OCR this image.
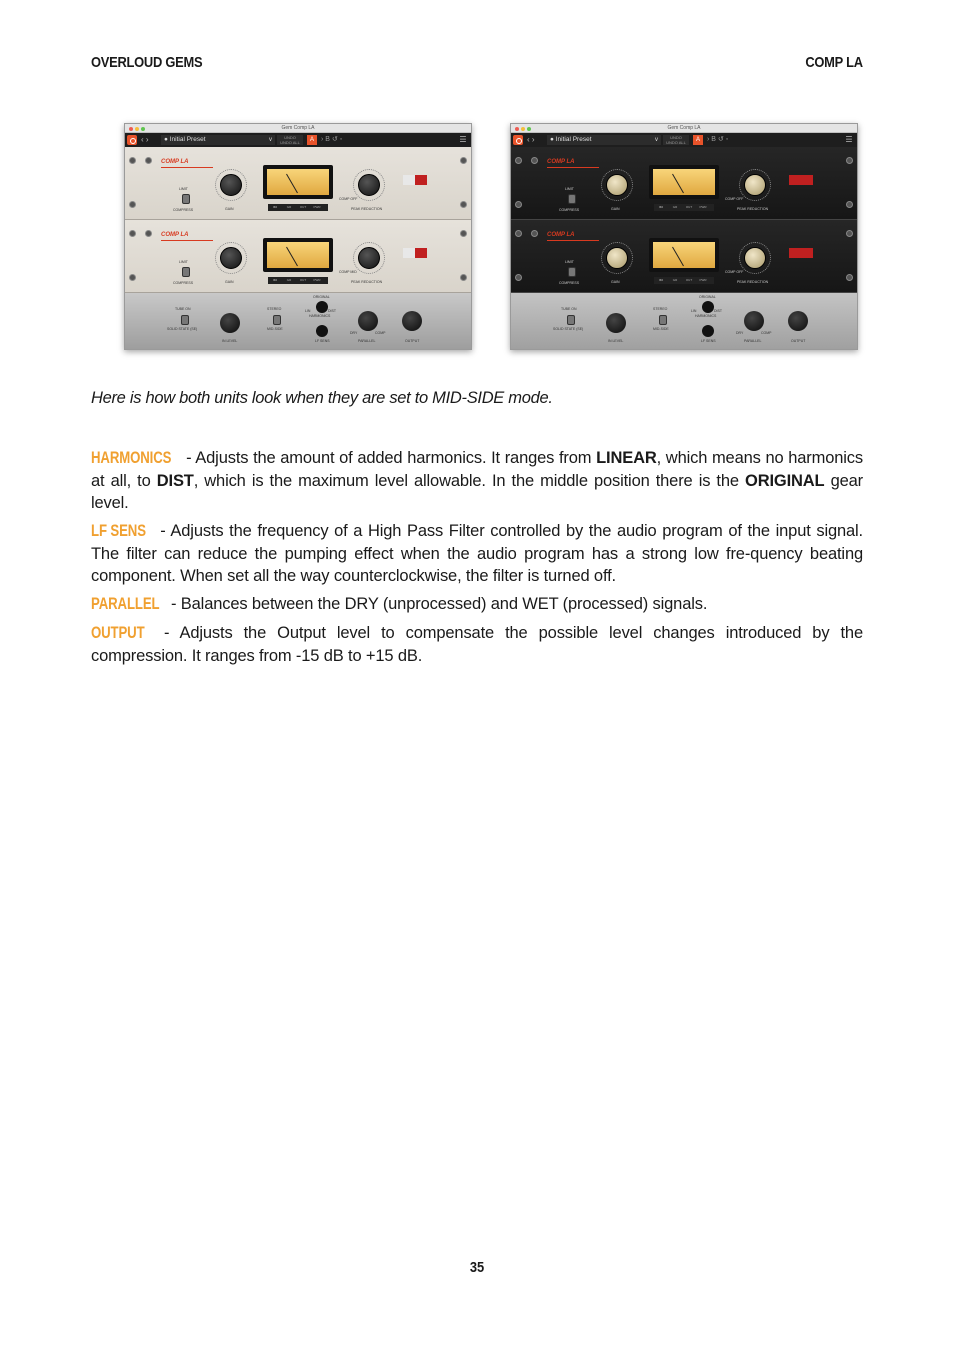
OVERLOUD GEMS	COMP LA
Gem Comp LA
‹ ›	● Initial Preset	v	UNDO
UNDO ALL	A	› B ↺ ◦	☰
COMP LA
LIMIT
COMPRESS	GAIN	IN	GR	OUT PWR
COMP OFF
PEAK REDUCTION
COMP LA
LIMIT
COMPRESS	GAIN	IN	GR	OUT PWR
COMP MID
PEAK REDUCTION
TUBE ON
SOLID STATE (SE)
IN LEVEL
STEREO
MID-SIDE
ORIGINAL
LIN	DIST
HARMONICS
LF SENS
DRY	COMP
PARALLEL	OUTPUT
Gem Comp LA
‹ ›	● Initial Preset	v	UNDO
UNDO ALL	A	› B ↺ ◦	☰
COMP LA
LIMIT
COMPRESS	GAIN	IN	GR	OUT PWR
COMP OFF
PEAK REDUCTION
COMP LA
LIMIT
COMPRESS	GAIN	IN	GR	OUT PWR
COMP OFF
PEAK REDUCTION
TUBE ON
SOLID STATE (SE)
IN LEVEL
STEREO
MID-SIDE
ORIGINAL
LIN	DIST
HARMONICS
LF SENS
DRY	COMP
PARALLEL	OUTPUT
Here is how both units look when they are set to MID-SIDE mode.

HARMONICS - Adjusts the amount of added harmonics. It ranges from LINEAR, which means no harmonics at all, to DIST, which is the maximum level allowable. In the middle position there is the ORIGINAL gear level.

LF SENS - Adjusts the frequency of a High Pass Filter controlled by the audio program of the input signal. The filter can reduce the pumping effect when the audio program has a strong low fre-quency beating component. When set all the way counterclockwise, the filter is turned off.

PARALLEL - Balances between the DRY (unprocessed) and WET (processed) signals.

OUTPUT - Adjusts the Output level to compensate the possible level changes introduced by the compression. It ranges from -15 dB to +15 dB.

35
